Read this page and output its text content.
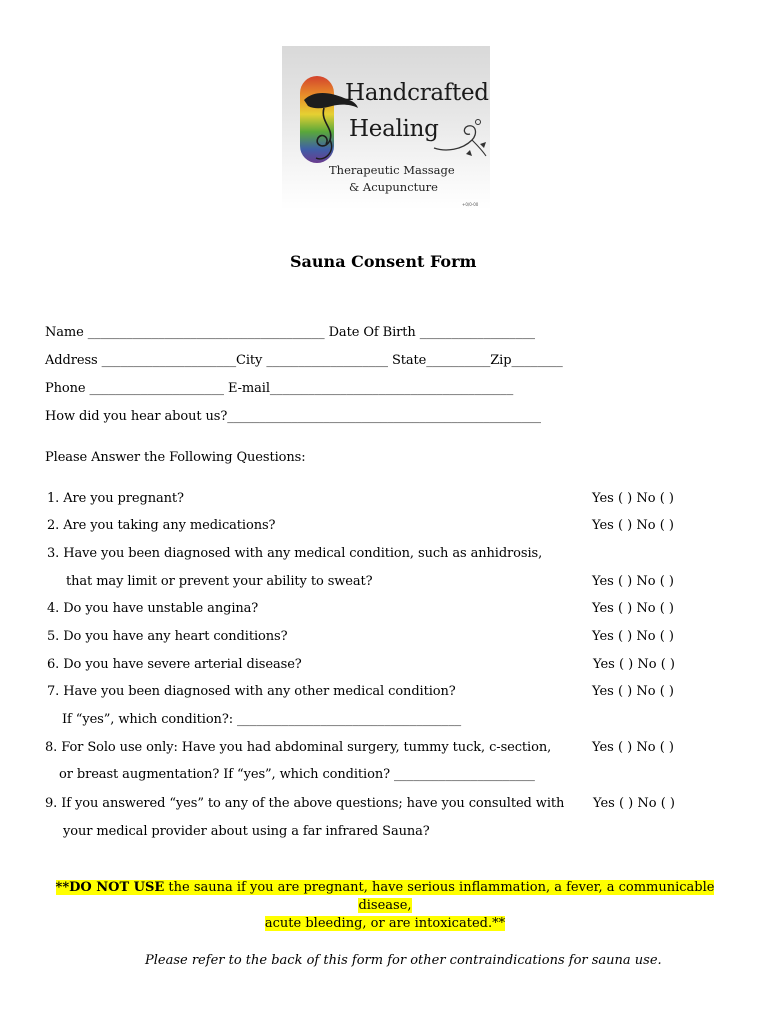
Handcrafted
Healing
Therapeutic Massage
& Acupuncture
+0/0-00
Sauna Consent Form
Name _____________________________________ Date Of Birth __________________
Address _____________________City ___________________ State__________Zip________
Phone _____________________ E-mail______________________________________
How did you hear about us?_________________________________________________
Please Answer the Following Questions:
1. Are you pregnant?	Yes ( ) No ( )
2. Are you taking any medications?	Yes ( ) No ( )
3. Have you been diagnosed with any medical condition, such as anhidrosis,
that may limit or prevent your ability to sweat?	Yes ( ) No ( )
4. Do you have unstable angina?	Yes ( ) No ( )
5. Do you have any heart conditions?	Yes ( ) No ( )
6. Do you have severe arterial disease?	Yes ( ) No ( )
7. Have you been diagnosed with any other medical condition?	Yes ( ) No ( )
If “yes”, which condition?: ___________________________________
8. For Solo use only: Have you had abdominal surgery, tummy tuck, c-section,	Yes ( ) No ( )
or breast augmentation? If “yes”, which condition? ______________________
9. If you answered “yes” to any of the above questions; have you consulted with Yes ( ) No ( )
your medical provider about using a far infrared Sauna?
**DO NOT USE the sauna if you are pregnant, have serious inflammation, a fever, a communicable disease,
acute bleeding, or are intoxicated.**
Please refer to the back of this form for other contraindications for sauna use.
